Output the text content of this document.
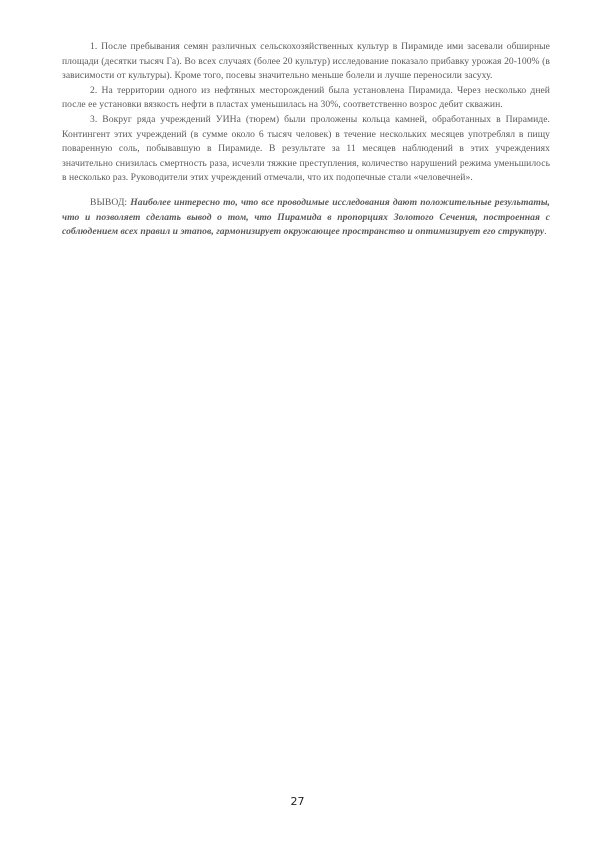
1. После пребывания семян различных сельскохозяйственных культур в Пирамиде ими засевали обширные площади (десятки тысяч Га). Во всех случаях (более 20 культур) исследование показало прибавку урожая 20-100% (в зависимости от культуры). Кроме того, посевы значительно меньше болели и лучше переносили засуху.

2. На территории одного из нефтяных месторождений была установлена Пирамида. Через несколько дней после ее установки вязкость нефти в пластах уменьшилась на 30%, соответственно возрос дебит скважин.

3. Вокруг ряда учреждений УИНа (тюрем) были проложены кольца камней, обработанных в Пирамиде. Контингент этих учреждений (в сумме около 6 тысяч человек) в течение нескольких месяцев употреблял в пищу поваренную соль, побывавшую в Пирамиде. В результате за 11 месяцев наблюдений в этих учреждениях значительно снизилась смертность раза, исчезли тяжкие преступления, количество нарушений режима уменьшилось в несколько раз. Руководители этих учреждений отмечали, что их подопечные стали «человечней».

ВЫВОД: Наиболее интересно то, что все проводимые исследования дают положительные результаты, что и позволяет сделать вывод о том, что Пирамида в пропорциях Золотого Сечения, построенная с соблюдением всех правил и этапов, гармонизирует окружающее пространство и оптимизирует его структуру.

27
